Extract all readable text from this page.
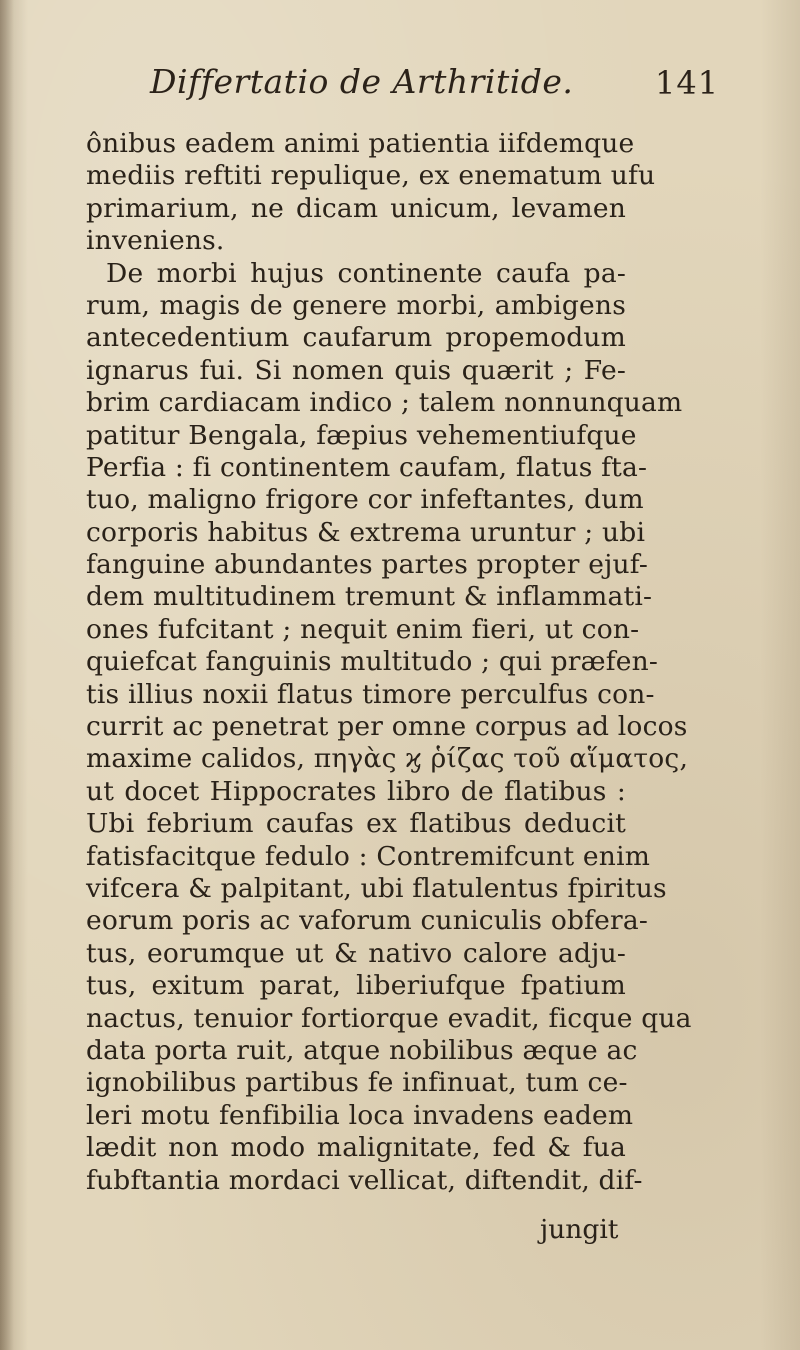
Differtatio de Arthritide.	141
ônibus eadem animi patientia iifdemque
mediis reftiti repulique, ex enematum ufu
primarium, ne dicam unicum, levamen
inveniens.
De morbi hujus continente caufa pa-
rum, magis de genere morbi, ambigens
antecedentium caufarum propemodum
ignarus fui. Si nomen quis quærit ; Fe-
brim cardiacam indico ; talem nonnunquam
patitur Bengala, fæpius vehementiufque
Perfia : fi continentem caufam, flatus fta-
tuo, maligno frigore cor infeftantes, dum
corporis habitus & extrema uruntur ; ubi
fanguine abundantes partes propter ejuf-
dem multitudinem tremunt & inflammati-
ones fufcitant ; nequit enim fieri, ut con-
quiefcat fanguinis multitudo ; qui præfen-
tis illius noxii flatus timore perculfus con-
currit ac penetrat per omne corpus ad locos
maxime calidos, πηγὰς ϗ ῥίζας τοῦ αἵματος,
ut docet Hippocrates libro de flatibus :
Ubi febrium caufas ex flatibus deducit
fatisfacitque fedulo : Contremifcunt enim
vifcera & palpitant, ubi flatulentus fpiritus
eorum poris ac vaforum cuniculis obfera-
tus, eorumque ut & nativo calore adju-
tus, exitum parat, liberiufque fpatium
nactus, tenuior fortiorque evadit, ficque qua
data porta ruit, atque nobilibus æque ac
ignobilibus partibus fe infinuat, tum ce-
leri motu fenfibilia loca invadens eadem
lædit non modo malignitate, fed & fua
fubftantia mordaci vellicat, diftendit, dif-
jungit
